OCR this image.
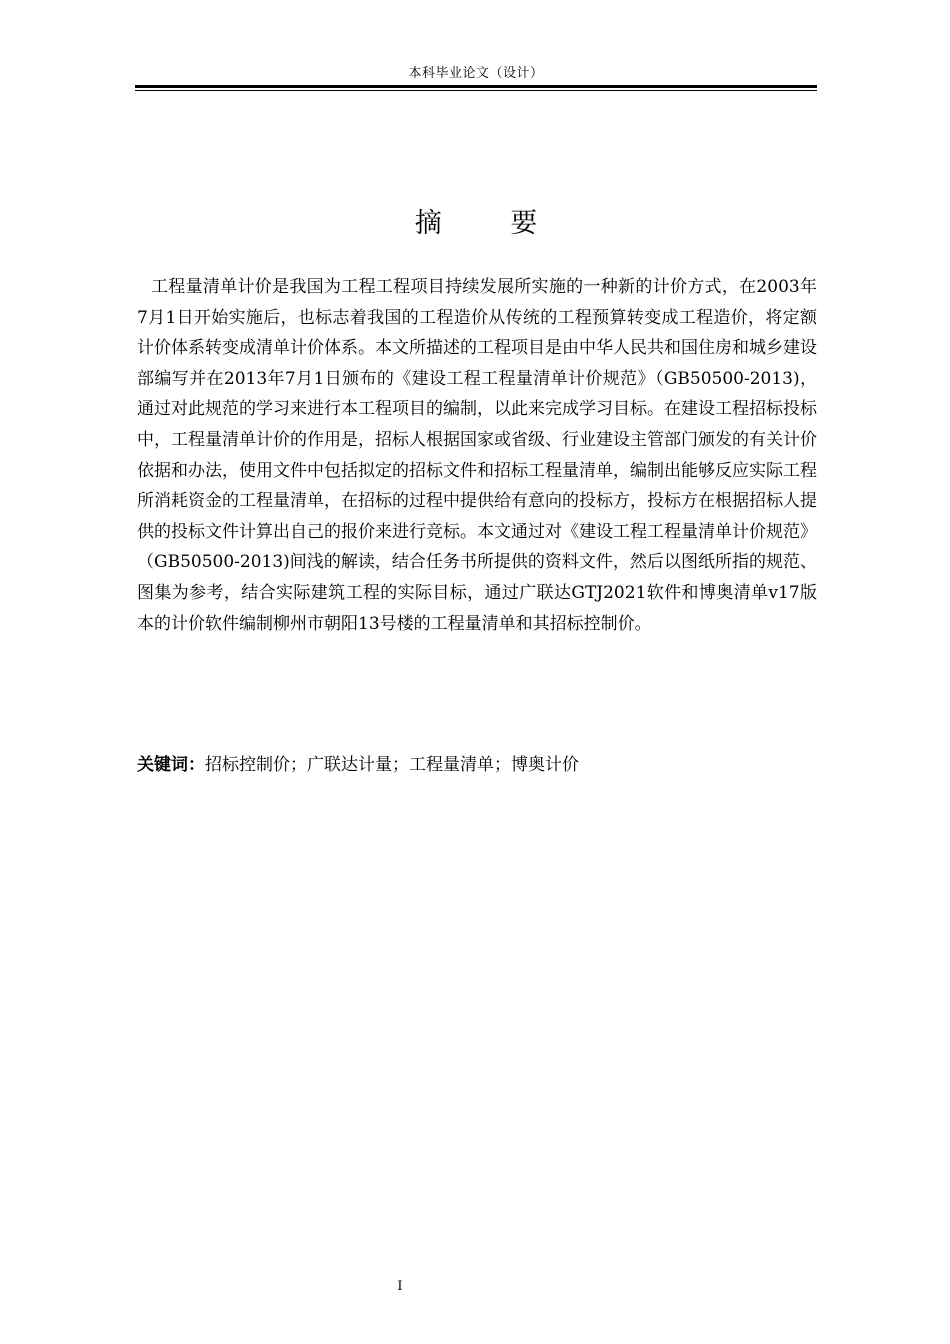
本科毕业论文（设计）
摘 要

工程量清单计价是我国为工程工程项目持续发展所实施的一种新的计价方式，在2003年7月1日开始实施后，也标志着我国的工程造价从传统的工程预算转变成工程造价，将定额计价体系转变成清单计价体系。本文所描述的工程项目是由中华人民共和国住房和城乡建设部编写并在2013年7月1日颁布的《建设工程工程量清单计价规范》（GB50500-2013)，通过对此规范的学习来进行本工程项目的编制，以此来完成学习目标。在建设工程招标投标中，工程量清单计价的作用是，招标人根据国家或省级、行业建设主管部门颁发的有关计价依据和办法，使用文件中包括拟定的招标文件和招标工程量清单，编制出能够反应实际工程所消耗资金的工程量清单，在招标的过程中提供给有意向的投标方，投标方在根据招标人提供的投标文件计算出自己的报价来进行竞标。本文通过对《建设工程工程量清单计价规范》（GB50500-2013)间浅的解读，结合任务书所提供的资料文件，然后以图纸所指的规范、图集为参考，结合实际建筑工程的实际目标，通过广联达GTJ2021软件和博奥清单v17版本的计价软件编制柳州市朝阳13号楼的工程量清单和其招标控制价。

关键词：招标控制价；广联达计量；工程量清单；博奥计价
I
